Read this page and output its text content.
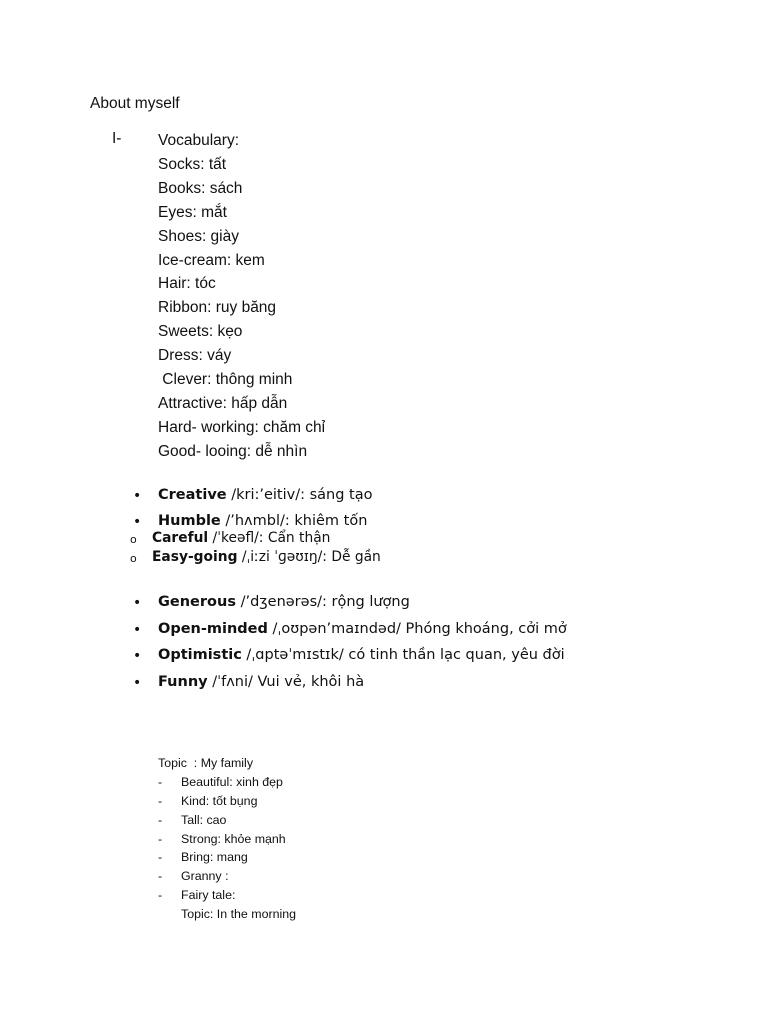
About myself
I- Vocabulary:
Socks: tất
Books: sách
Eyes: mắt
Shoes: giày
Ice-cream: kem
Hair: tóc
Ribbon: ruy băng
Sweets: kẹo
Dress: váy
Clever: thông minh
Attractive: hấp dẫn
Hard- working: chăm chỉ
Good- looing: dễ nhìn
• Creative /kri:’eitiv/: sáng tạo
• Humble /’hʌmbl/: khiêm tốn
o Careful /ˈkeəfl/: Cẩn thận
o Easy-going /ˌiːzi ˈɡəʊɪŋ/: Dễ gần
• Generous /’dʒenərəs/: rộng lượng
• Open-minded /ˌoʊpən’maɪndəd/ Phóng khoáng, cởi mở
• Optimistic /ˌɑptəˈmɪstɪk/ có tinh thần lạc quan, yêu đời
• Funny /ˈfʌni/ Vui vẻ, khôi hà
Topic  : My family
- Beautiful: xinh đẹp
- Kind: tốt bụng
- Tall: cao
- Strong: khỏe mạnh
- Bring: mang
- Granny :
- Fairy tale:
Topic: In the morning
